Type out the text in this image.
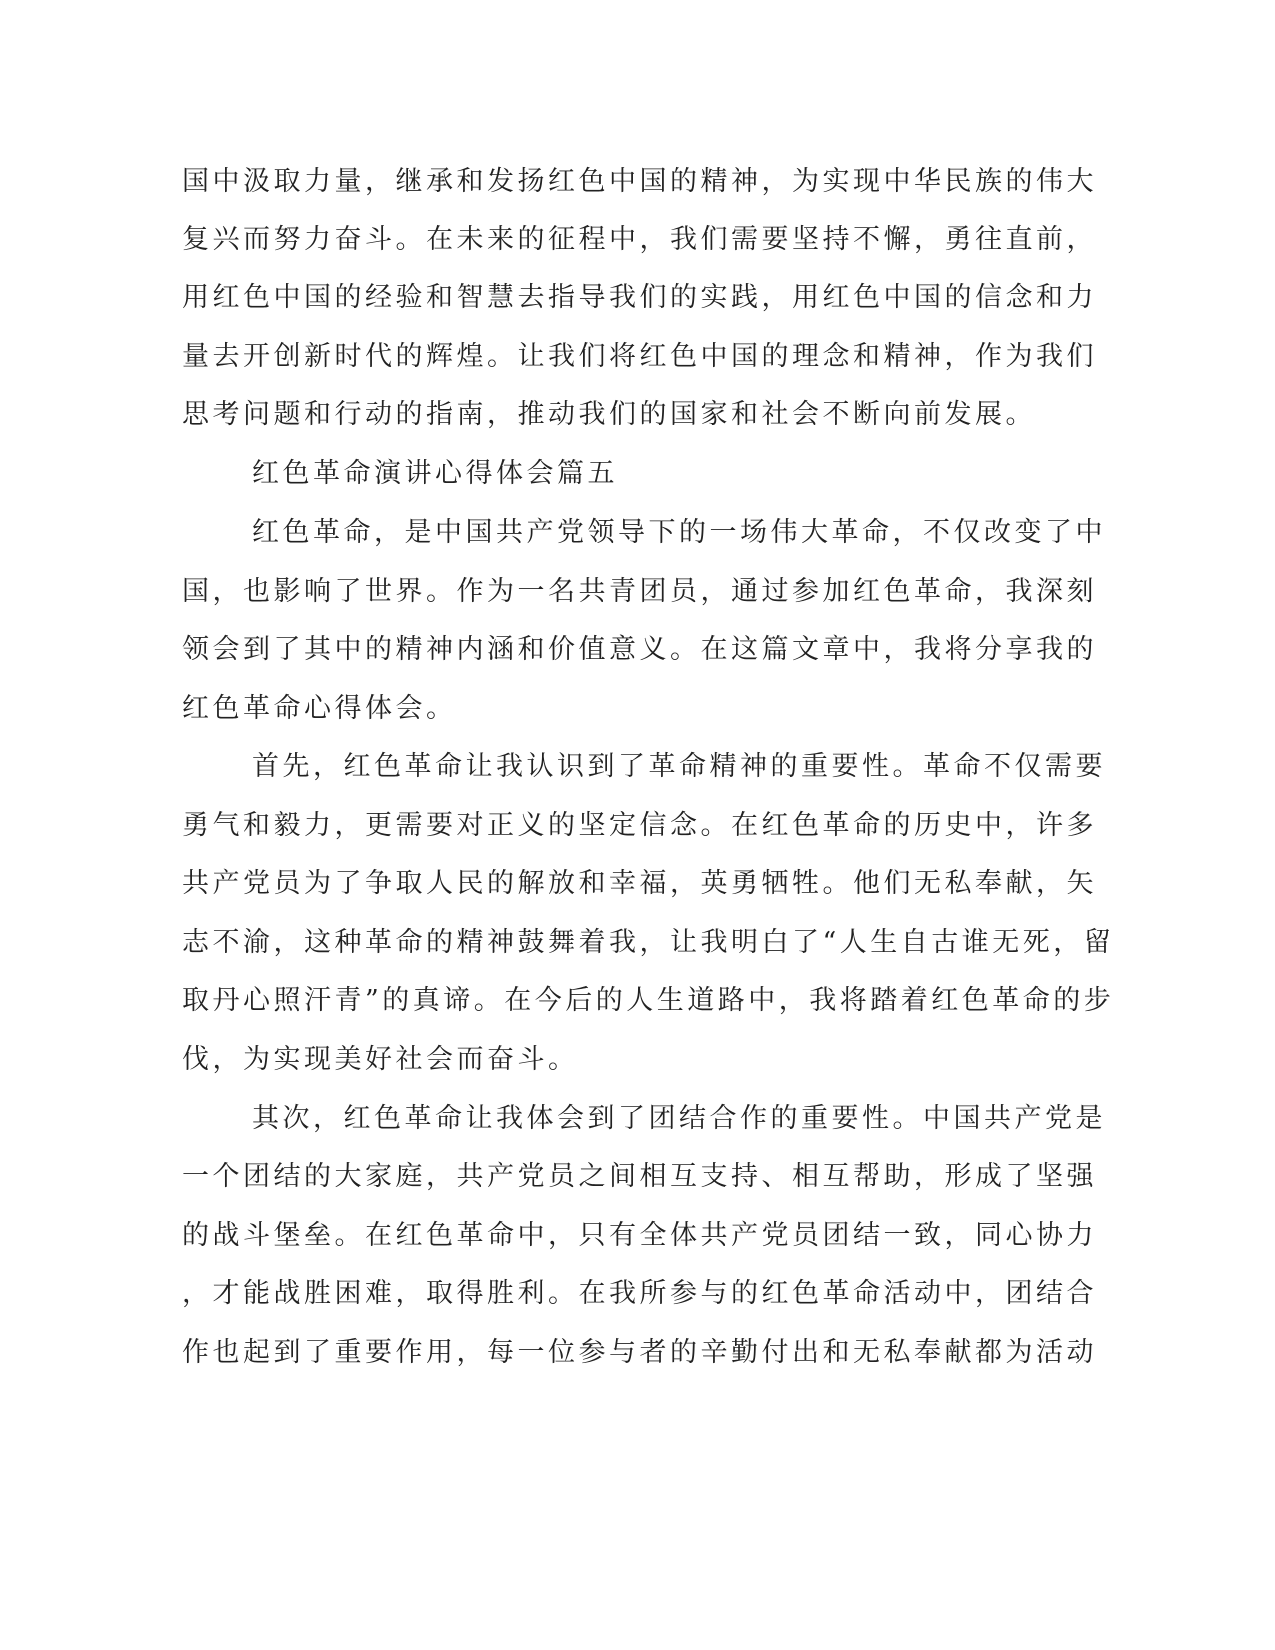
国中汲取力量，继承和发扬红色中国的精神，为实现中华民族的伟大
复兴而努力奋斗。在未来的征程中，我们需要坚持不懈，勇往直前，
用红色中国的经验和智慧去指导我们的实践，用红色中国的信念和力
量去开创新时代的辉煌。让我们将红色中国的理念和精神，作为我们
思考问题和行动的指南，推动我们的国家和社会不断向前发展。
红色革命演讲心得体会篇五
红色革命，是中国共产党领导下的一场伟大革命，不仅改变了中
国，也影响了世界。作为一名共青团员，通过参加红色革命，我深刻
领会到了其中的精神内涵和价值意义。在这篇文章中，我将分享我的
红色革命心得体会。
首先，红色革命让我认识到了革命精神的重要性。革命不仅需要
勇气和毅力，更需要对正义的坚定信念。在红色革命的历史中，许多
共产党员为了争取人民的解放和幸福，英勇牺牲。他们无私奉献，矢
志不渝，这种革命的精神鼓舞着我，让我明白了“人生自古谁无死，留
取丹心照汗青”的真谛。在今后的人生道路中，我将踏着红色革命的步
伐，为实现美好社会而奋斗。
其次，红色革命让我体会到了团结合作的重要性。中国共产党是
一个团结的大家庭，共产党员之间相互支持、相互帮助，形成了坚强
的战斗堡垒。在红色革命中，只有全体共产党员团结一致，同心协力
，才能战胜困难，取得胜利。在我所参与的红色革命活动中，团结合
作也起到了重要作用，每一位参与者的辛勤付出和无私奉献都为活动
